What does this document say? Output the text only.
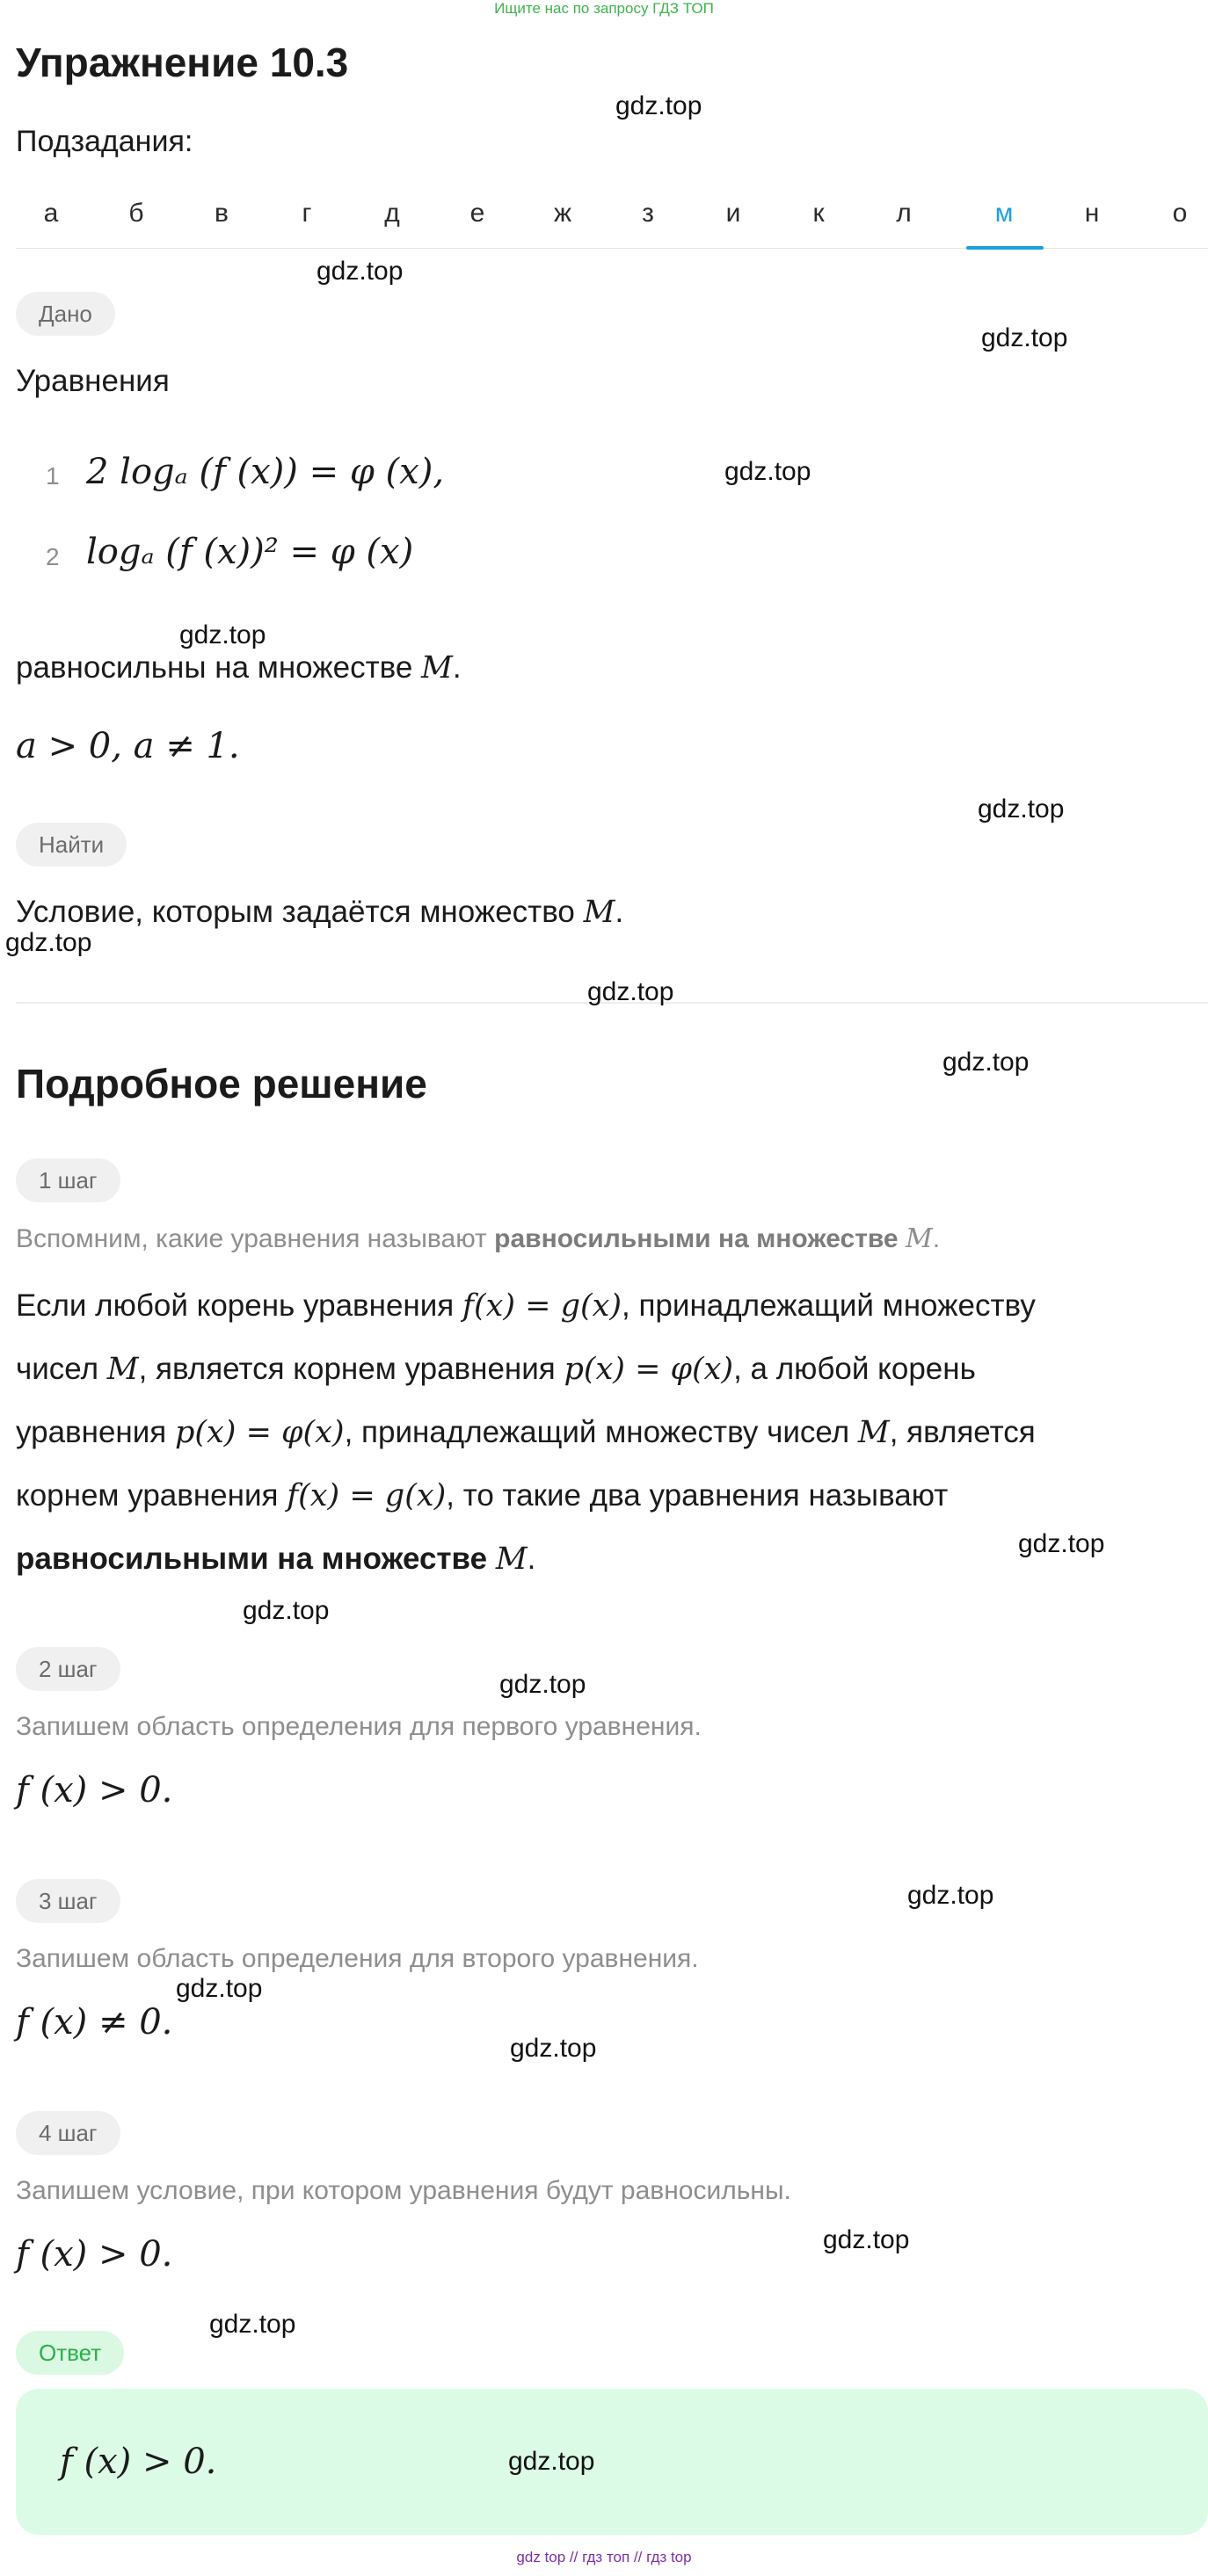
Ищите нас по запросу ГДЗ ТОП
Упражнение 10.3
Подзадания:
а	б	в	г	д	е	ж	з	и	к	л	м	н	о
Дано
Уравнения
1 2 logₐ (f (x)) = φ (x),
2 logₐ (f (x))² = φ (x)
равносильны на множестве M.
a > 0, a ≠ 1.
Найти
Условие, которым задаётся множество M.
Подробное решение
1 шаг
Вспомним, какие уравнения называют равносильными на множестве M.
Если любой корень уравнения f(x) = g(x), принадлежащий множеству
чисел M, является корнем уравнения p(x) = φ(x), а любой корень
уравнения p(x) = φ(x), принадлежащий множеству чисел M, является
корнем уравнения f(x) = g(x), то такие два уравнения называют
равносильными на множестве M.
2 шаг
Запишем область определения для первого уравнения.
f (x) > 0.
3 шаг
Запишем область определения для второго уравнения.
f (x) ≠ 0.
4 шаг
Запишем условие, при котором уравнения будут равносильны.
f (x) > 0.
Ответ
f (x) > 0.
gdz.top
gdz.top
gdz.top
gdz.top
gdz.top
gdz.top
gdz.top
gdz.top
gdz.top
gdz.top
gdz.top
gdz.top
gdz.top
gdz.top
gdz.top
gdz.top
gdz.top
gdz.top
gdz top // гдз топ // гдз top
